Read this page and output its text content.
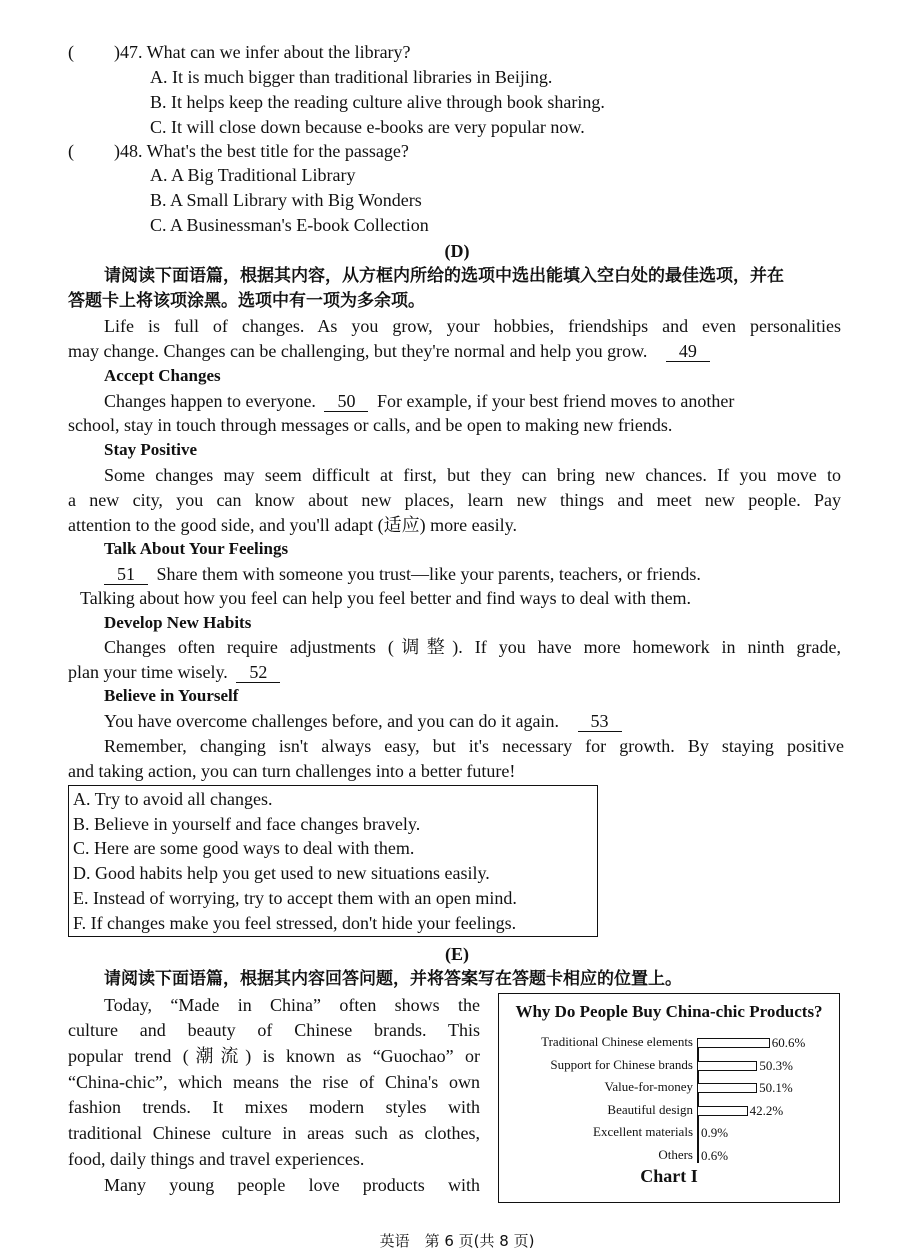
( )47. What can we infer about the library?
A. It is much bigger than traditional libraries in Beijing.
B. It helps keep the reading culture alive through book sharing.
C. It will close down because e-books are very popular now.
( )48. What's the best title for the passage?
A. A Big Traditional Library
B. A Small Library with Big Wonders
C. A Businessman's E-book Collection
(D)
请阅读下面语篇，根据其内容，从方框内所给的选项中选出能填入空白处的最佳选项，并在
答题卡上将该项涂黑。选项中有一项为多余项。
Life is full of changes. As you grow, your hobbies, friendships and even personalities
may change. Changes can be challenging, but they're normal and help you grow. 49
Accept Changes
Changes happen to everyone. 50 For example, if your best friend moves to another
school, stay in touch through messages or calls, and be open to making new friends.
Stay Positive
Some changes may seem difficult at first, but they can bring new chances. If you move to
a new city, you can know about new places, learn new things and meet new people. Pay
attention to the good side, and you'll adapt (适应) more easily.
Talk About Your Feelings
51 Share them with someone you trust—like your parents, teachers, or friends.
Talking about how you feel can help you feel better and find ways to deal with them.
Develop New Habits
Changes often require adjustments (调整). If you have more homework in ninth grade,
plan your time wisely. 52
Believe in Yourself
You have overcome challenges before, and you can do it again. 53
Remember, changing isn't always easy, but it's necessary for growth. By staying positive
and taking action, you can turn challenges into a better future!
A. Try to avoid all changes.
B. Believe in yourself and face changes bravely.
C. Here are some good ways to deal with them.
D. Good habits help you get used to new situations easily.
E. Instead of worrying, try to accept them with an open mind.
F. If changes make you feel stressed, don't hide your feelings.
(E)
请阅读下面语篇，根据其内容回答问题，并将答案写在答题卡相应的位置上。
Today, “Made in China” often shows the
culture and beauty of Chinese brands. This
popular trend (潮流) is known as “Guochao” or
“China-chic”, which means the rise of China's own
fashion trends. It mixes modern styles with
traditional Chinese culture in areas such as clothes,
food, daily things and travel experiences.
Many young people love products with
Why Do People Buy China-chic Products?
Chart I
Traditional Chinese elements	60.6%
Support for Chinese brands	50.3%
Value-for-money	50.1%
Beautiful design	42.2%
Excellent materials 0.9%
Others 0.6%
英语　第 6 页(共 8 页)
